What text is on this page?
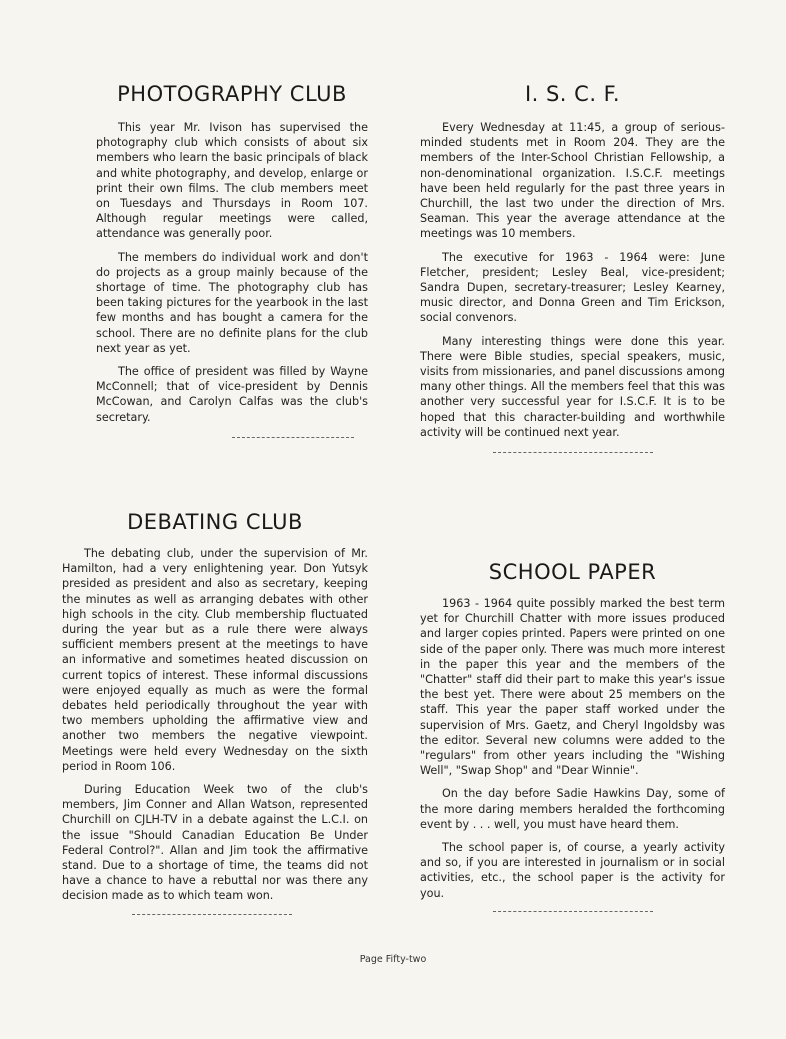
PHOTOGRAPHY CLUB

This year Mr. Ivison has supervised the photography club which consists of about six members who learn the basic principals of black and white photography, and develop, enlarge or print their own films. The club members meet on Tuesdays and Thursdays in Room 107. Although regular meetings were called, attendance was generally poor.

The members do individual work and don't do projects as a group mainly because of the shortage of time. The photography club has been taking pictures for the yearbook in the last few months and has bought a camera for the school. There are no definite plans for the club next year as yet.

The office of president was filled by Wayne McConnell; that of vice-president by Dennis McCowan, and Carolyn Calfas was the club's secretary.

I. S. C. F.

Every Wednesday at 11:45, a group of serious-minded students met in Room 204. They are the members of the Inter-School Christian Fellowship, a non-denominational organization. I.S.C.F. meetings have been held regularly for the past three years in Churchill, the last two under the direction of Mrs. Seaman. This year the average attendance at the meetings was 10 members.

The executive for 1963 - 1964 were: June Fletcher, president; Lesley Beal, vice-president; Sandra Dupen, secretary-treasurer; Lesley Kearney, music director, and Donna Green and Tim Erickson, social convenors.

Many interesting things were done this year. There were Bible studies, special speakers, music, visits from missionaries, and panel discussions among many other things. All the members feel that this was another very successful year for I.S.C.F. It is to be hoped that this character-building and worthwhile activity will be continued next year.

DEBATING CLUB

The debating club, under the supervision of Mr. Hamilton, had a very enlightening year. Don Yutsyk presided as president and also as secretary, keeping the minutes as well as arranging debates with other high schools in the city. Club membership fluctuated during the year but as a rule there were always sufficient members present at the meetings to have an informative and sometimes heated discussion on current topics of interest. These informal discussions were enjoyed equally as much as were the formal debates held periodically throughout the year with two members upholding the affirmative view and another two members the negative viewpoint. Meetings were held every Wednesday on the sixth period in Room 106.

During Education Week two of the club's members, Jim Conner and Allan Watson, represented Churchill on CJLH-TV in a debate against the L.C.I. on the issue "Should Canadian Education Be Under Federal Control?". Allan and Jim took the affirmative stand. Due to a shortage of time, the teams did not have a chance to have a rebuttal nor was there any decision made as to which team won.

SCHOOL PAPER

1963 - 1964 quite possibly marked the best term yet for Churchill Chatter with more issues produced and larger copies printed. Papers were printed on one side of the paper only. There was much more interest in the paper this year and the members of the "Chatter" staff did their part to make this year's issue the best yet. There were about 25 members on the staff. This year the paper staff worked under the supervision of Mrs. Gaetz, and Cheryl Ingoldsby was the editor. Several new columns were added to the "regulars" from other years including the "Wishing Well", "Swap Shop" and "Dear Winnie".

On the day before Sadie Hawkins Day, some of the more daring members heralded the forthcoming event by . . . well, you must have heard them.

The school paper is, of course, a yearly activity and so, if you are interested in journalism or in social activities, etc., the school paper is the activity for you.

Page Fifty-two
